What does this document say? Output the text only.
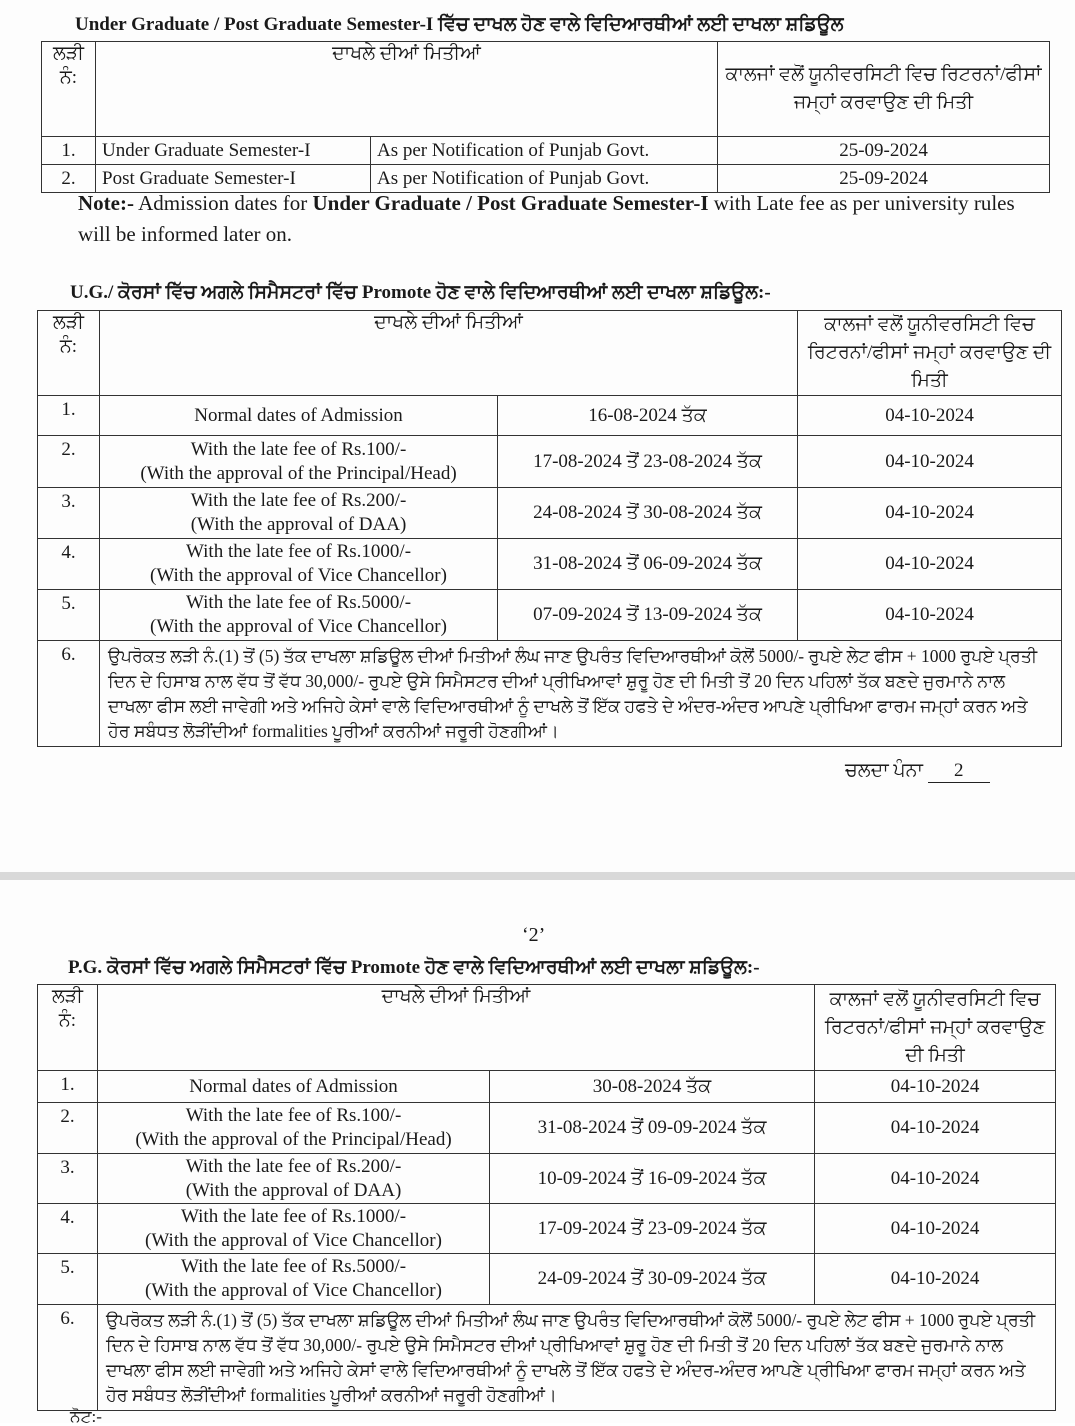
Under Graduate / Post Graduate Semester-I ਵਿੱਚ ਦਾਖਲ ਹੋਣ ਵਾਲੇ ਵਿਦਿਆਰਥੀਆਂ ਲਈ ਦਾਖਲਾ ਸ਼ਡਿਊਲ
ਲੜੀ ਨੰ:	ਦਾਖਲੇ ਦੀਆਂ ਮਿਤੀਆਂ		ਕਾਲਜਾਂ ਵਲੋਂ ਯੂਨੀਵਰਸਿਟੀ ਵਿਚ ਰਿਟਰਨਾਂ/ਫੀਸਾਂ ਜਮ੍ਹਾਂ ਕਰਵਾਉਣ ਦੀ ਮਿਤੀ
1.	Under Graduate Semester-I	As per Notification of Punjab Govt.	25-09-2024
2.	Post Graduate Semester-I	As per Notification of Punjab Govt.	25-09-2024
Note:- Admission dates for Under Graduate / Post Graduate Semester-I with Late fee as per university rules will be informed later on.
U.G./ ਕੋਰਸਾਂ ਵਿੱਚ ਅਗਲੇ ਸਿਮੈਸਟਰਾਂ ਵਿੱਚ Promote ਹੋਣ ਵਾਲੇ ਵਿਦਿਆਰਥੀਆਂ ਲਈ ਦਾਖਲਾ ਸ਼ਡਿਊਲ:-
ਲੜੀ ਨੰ:	ਦਾਖਲੇ ਦੀਆਂ ਮਿਤੀਆਂ		ਕਾਲਜਾਂ ਵਲੋਂ ਯੂਨੀਵਰਸਿਟੀ ਵਿਚ ਰਿਟਰਨਾਂ/ਫੀਸਾਂ ਜਮ੍ਹਾਂ ਕਰਵਾਉਣ ਦੀ ਮਿਤੀ
1.	Normal dates of Admission	16-08-2024 ਤੱਕ	04-10-2024
2.	With the late fee of Rs.100/-
(With the approval of the Principal/Head)	17-08-2024 ਤੋਂ 23-08-2024 ਤੱਕ	04-10-2024
3.	With the late fee of Rs.200/-
(With the approval of DAA)	24-08-2024 ਤੋਂ 30-08-2024 ਤੱਕ	04-10-2024
4.	With the late fee of Rs.1000/-
(With the approval of Vice Chancellor)	31-08-2024 ਤੋਂ 06-09-2024 ਤੱਕ	04-10-2024
5.	With the late fee of Rs.5000/-
(With the approval of Vice Chancellor)	07-09-2024 ਤੋਂ 13-09-2024 ਤੱਕ	04-10-2024
6.	ਉਪਰੋਕਤ ਲੜੀ ਨੰ.(1) ਤੋਂ (5) ਤੱਕ ਦਾਖਲਾ ਸ਼ਡਿਊਲ ਦੀਆਂ ਮਿਤੀਆਂ ਲੰਘ ਜਾਣ ਉਪਰੰਤ ਵਿਦਿਆਰਥੀਆਂ ਕੋਲੋਂ 5000/- ਰੁਪਏ ਲੇਟ ਫੀਸ + 1000 ਰੁਪਏ ਪ੍ਰਤੀ ਦਿਨ ਦੇ ਹਿਸਾਬ ਨਾਲ ਵੱਧ ਤੋਂ ਵੱਧ 30,000/- ਰੁਪਏ ਉਸੇ ਸਿਮੈਸਟਰ ਦੀਆਂ ਪ੍ਰੀਖਿਆਵਾਂ ਸ਼ੁਰੂ ਹੋਣ ਦੀ ਮਿਤੀ ਤੋਂ 20 ਦਿਨ ਪਹਿਲਾਂ ਤੱਕ ਬਣਦੇ ਜੁਰਮਾਨੇ ਨਾਲ ਦਾਖਲਾ ਫੀਸ ਲਈ ਜਾਵੇਗੀ ਅਤੇ ਅਜਿਹੇ ਕੇਸਾਂ ਵਾਲੇ ਵਿਦਿਆਰਥੀਆਂ ਨੂੰ ਦਾਖਲੇ ਤੋਂ ਇੱਕ ਹਫਤੇ ਦੇ ਅੰਦਰ-ਅੰਦਰ ਆਪਣੇ ਪ੍ਰੀਖਿਆ ਫਾਰਮ ਜਮ੍ਹਾਂ ਕਰਨ ਅਤੇ ਹੋਰ ਸਬੰਧਤ ਲੋੜੀਂਦੀਆਂ formalities ਪੂਰੀਆਂ ਕਰਨੀਆਂ ਜਰੂਰੀ ਹੋਣਗੀਆਂ।		
ਚਲਦਾ ਪੰਨਾ 2
‘2’
P.G. ਕੋਰਸਾਂ ਵਿੱਚ ਅਗਲੇ ਸਿਮੈਸਟਰਾਂ ਵਿੱਚ Promote ਹੋਣ ਵਾਲੇ ਵਿਦਿਆਰਥੀਆਂ ਲਈ ਦਾਖਲਾ ਸ਼ਡਿਊਲ:-
ਲੜੀ ਨੰ:	ਦਾਖਲੇ ਦੀਆਂ ਮਿਤੀਆਂ		ਕਾਲਜਾਂ ਵਲੋਂ ਯੂਨੀਵਰਸਿਟੀ ਵਿਚ ਰਿਟਰਨਾਂ/ਫੀਸਾਂ ਜਮ੍ਹਾਂ ਕਰਵਾਉਣ ਦੀ ਮਿਤੀ
1.	Normal dates of Admission	30-08-2024 ਤੱਕ	04-10-2024
2.	With the late fee of Rs.100/-
(With the approval of the Principal/Head)	31-08-2024 ਤੋਂ 09-09-2024 ਤੱਕ	04-10-2024
3.	With the late fee of Rs.200/-
(With the approval of DAA)	10-09-2024 ਤੋਂ 16-09-2024 ਤੱਕ	04-10-2024
4.	With the late fee of Rs.1000/-
(With the approval of Vice Chancellor)	17-09-2024 ਤੋਂ 23-09-2024 ਤੱਕ	04-10-2024
5.	With the late fee of Rs.5000/-
(With the approval of Vice Chancellor)	24-09-2024 ਤੋਂ 30-09-2024 ਤੱਕ	04-10-2024
6.	ਉਪਰੋਕਤ ਲੜੀ ਨੰ.(1) ਤੋਂ (5) ਤੱਕ ਦਾਖਲਾ ਸ਼ਡਿਊਲ ਦੀਆਂ ਮਿਤੀਆਂ ਲੰਘ ਜਾਣ ਉਪਰੰਤ ਵਿਦਿਆਰਥੀਆਂ ਕੋਲੋਂ 5000/- ਰੁਪਏ ਲੇਟ ਫੀਸ + 1000 ਰੁਪਏ ਪ੍ਰਤੀ ਦਿਨ ਦੇ ਹਿਸਾਬ ਨਾਲ ਵੱਧ ਤੋਂ ਵੱਧ 30,000/- ਰੁਪਏ ਉਸੇ ਸਿਮੈਸਟਰ ਦੀਆਂ ਪ੍ਰੀਖਿਆਵਾਂ ਸ਼ੁਰੂ ਹੋਣ ਦੀ ਮਿਤੀ ਤੋਂ 20 ਦਿਨ ਪਹਿਲਾਂ ਤੱਕ ਬਣਦੇ ਜੁਰਮਾਨੇ ਨਾਲ ਦਾਖਲਾ ਫੀਸ ਲਈ ਜਾਵੇਗੀ ਅਤੇ ਅਜਿਹੇ ਕੇਸਾਂ ਵਾਲੇ ਵਿਦਿਆਰਥੀਆਂ ਨੂੰ ਦਾਖਲੇ ਤੋਂ ਇੱਕ ਹਫਤੇ ਦੇ ਅੰਦਰ-ਅੰਦਰ ਆਪਣੇ ਪ੍ਰੀਖਿਆ ਫਾਰਮ ਜਮ੍ਹਾਂ ਕਰਨ ਅਤੇ ਹੋਰ ਸਬੰਧਤ ਲੋੜੀਂਦੀਆਂ formalities ਪੂਰੀਆਂ ਕਰਨੀਆਂ ਜਰੂਰੀ ਹੋਣਗੀਆਂ।		
ਨੋਟ:-
